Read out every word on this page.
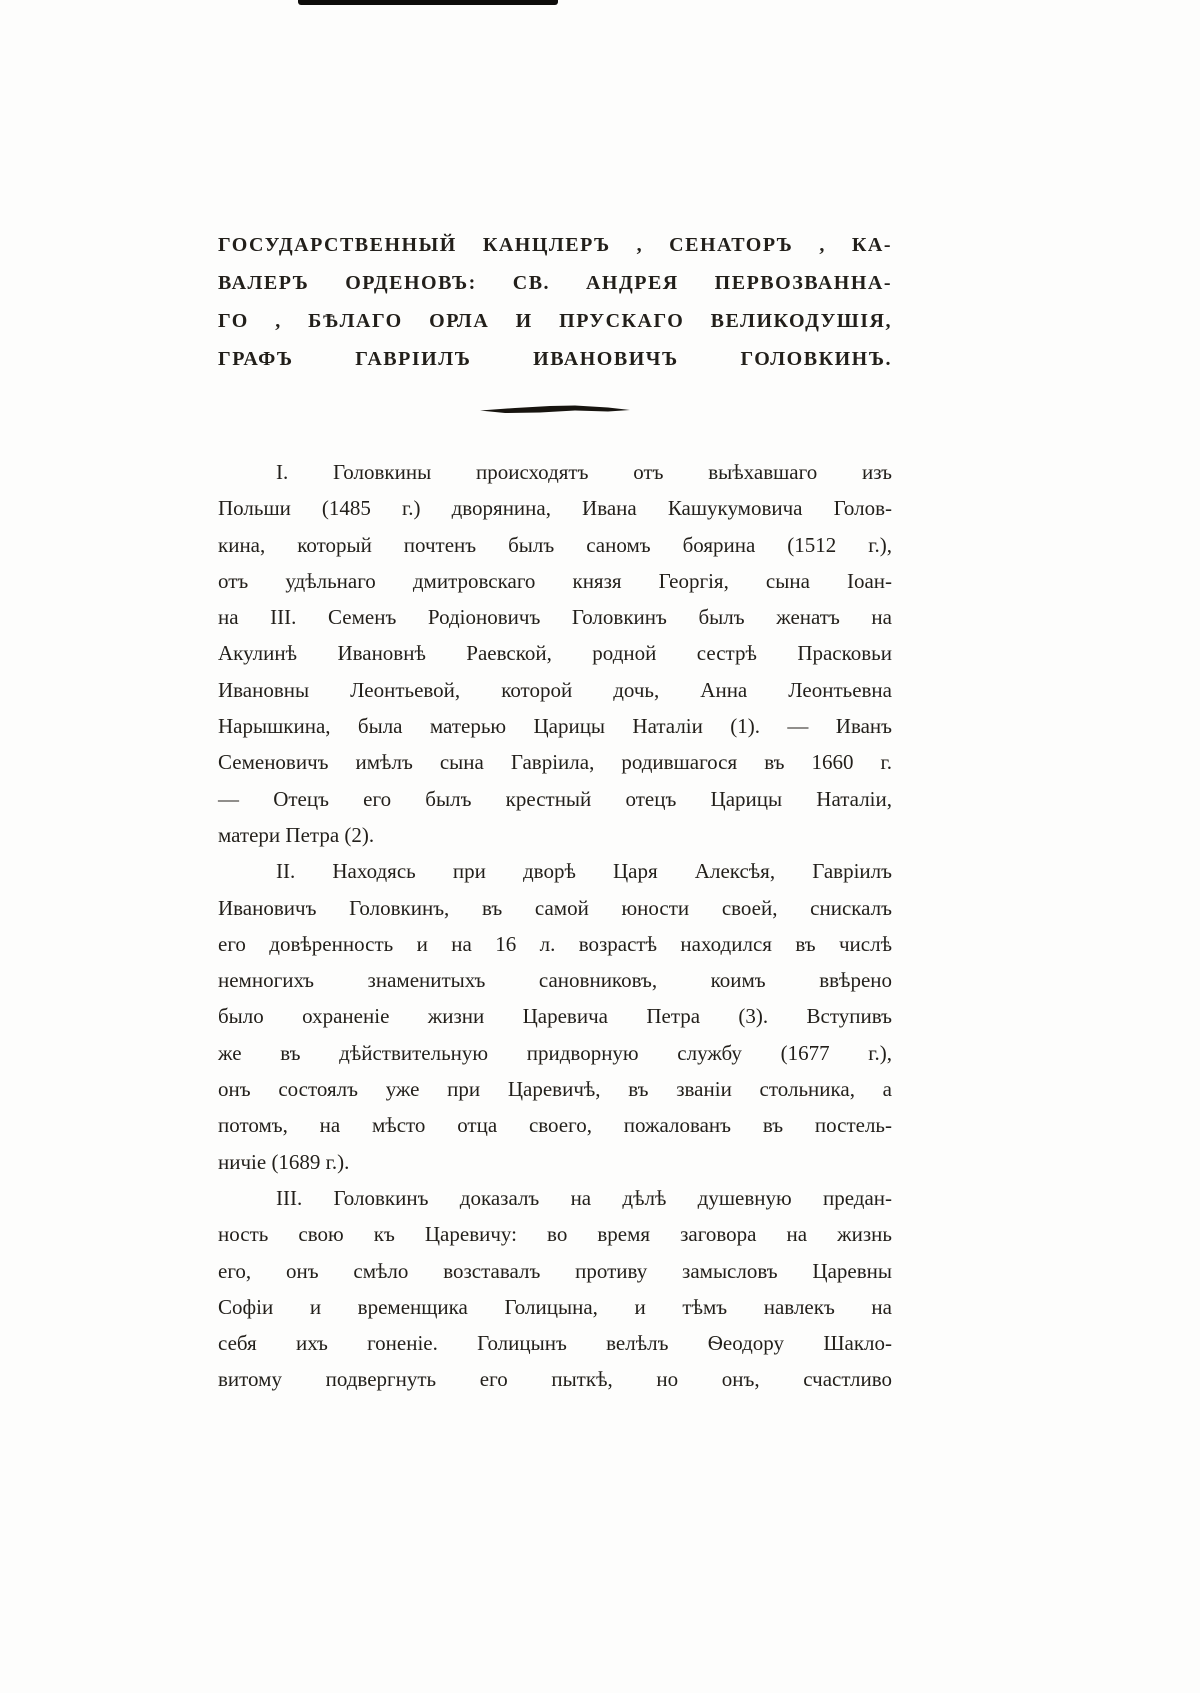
ГОСУДАРСТВЕННЫЙ КАНЦЛЕРЪ , СЕНАТОРЪ , КА-
ВАЛЕРЪ ОРДЕНОВЪ: СВ. АНДРЕЯ ПЕРВОЗВАННА-
ГО , БѢЛАГО ОРЛА И ПРУСКАГО ВЕЛИКОДУШІЯ,
ГРАФЪ ГАВРІИЛЪ ИВАНОВИЧЪ ГОЛОВКИНЪ.
I. Головкины происходятъ отъ выѣхавшаго изъ
Польши (1485 г.) дворянина, Ивана Кашукумовича Голов-
кина, который почтенъ былъ саномъ боярина (1512 г.),
отъ удѣльнаго дмитровскаго князя Георгія, сына Іоан-
на III. Семенъ Родіоновичъ Головкинъ былъ женатъ на
Акулинѣ Ивановнѣ Раевской, родной сестрѣ Прасковьи
Ивановны Леонтьевой, которой дочь, Анна Леонтьевна
Нарышкина, была матерью Царицы Наталіи (1). — Иванъ
Семеновичъ имѣлъ сына Гавріила, родившагося въ 1660 г.
— Отецъ его былъ крестный отецъ Царицы Наталіи,
матери Петра (2).
II. Находясь при дворѣ Царя Алексѣя, Гавріилъ
Ивановичъ Головкинъ, въ самой юности своей, снискалъ
его довѣренность и на 16 л. возрастѣ находился въ числѣ
немногихъ знаменитыхъ сановниковъ, коимъ ввѣрено
было охраненіе жизни Царевича Петра (3). Вступивъ
же въ дѣйствительную придворную службу (1677 г.),
онъ состоялъ уже при Царевичѣ, въ званіи стольника, а
потомъ, на мѣсто отца своего, пожалованъ въ постель-
ничіе (1689 г.).
III. Головкинъ доказалъ на дѣлѣ душевную предан-
ность свою къ Царевичу: во время заговора на жизнь
его, онъ смѣло возставалъ противу замысловъ Царевны
Софіи и временщика Голицына, и тѣмъ навлекъ на
себя ихъ гоненіе. Голицынъ велѣлъ Ѳеодору Шакло-
витому подвергнуть его пыткѣ, но онъ, счастливо
